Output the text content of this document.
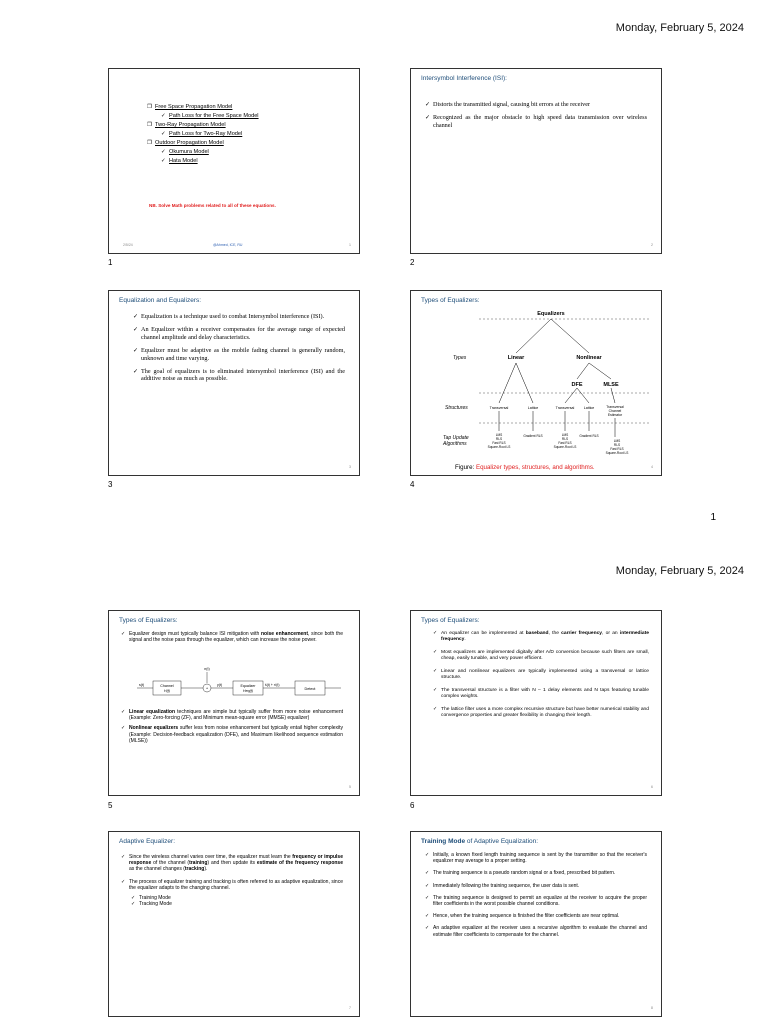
Monday, February 5, 2024
❐ Free Space Propagation Model
✓ Path Loss for the Free Space Model
❐ Two-Ray Propagation Model
✓ Path Loss for Two-Ray Model
❐ Outdoor Propagation Model
✓ Okumura Model
✓ Hata Model
NB. Solve Math problems related to all of these equations.
2/5/24	@Ahmed, ICE, RU	1
1
Intersymbol Interference (ISI):
✓ Distorts the transmitted signal, causing bit errors at the receiver
✓ Recognized as the major obstacle to high speed data transmission over wireless channel
2
2
Equalization and Equalizers:
✓ Equalization is a technique used to combat Intersymbol interference (ISI).
✓ An Equalizer within a receiver compensates for the average range of expected channel amplitude and delay characteristics.
✓ Equalizer must be adaptive as the mobile fading channel is generally random, unknown and time varying.
✓ The goal of equalizers is to eliminated intersymbol interference (ISI) and the additive noise as much as possible.
3
3
Types of Equalizers:
Equalizers
Types	Linear	Nonlinear
DFE	MLSE
Structures	Transversal	Lattice	Transversal	Lattice	Transversal
Channel
Estimator
Tap Update
Algorithms
LMS
RLS
Fast RLS
Square-Root LS
Gradient RLS	LMS
RLS
Fast RLS
Square-Root LS
Gradient RLS
LMS
RLS
Fast RLS
Square-Root LS
Figure: Equalizer types, structures, and algorithms.	4
4
1
Monday, February 5, 2024
Types of Equalizers:
✓ Equalizer design must typically balance ISI mitigation with noise enhancement, since both the signal and the noise pass through the equalizer, which can increase the noise power.
n(t)
s(t)	Channel
H(f)
+
y(t)	Equalizer
Heq(f)
ŝ(t) + n'(t)
Detect
✓ Linear equalization techniques are simple but typically suffer from more noise enhancement (Example: Zero-forcing (ZF), and Minimum mean-square error (MMSE) equalizer)
✓ Nonlinear equalizers suffer less from noise enhancement but typically entail higher complexity (Example: Decision-feedback equalization (DFE), and Maximum likelihood sequence estimation (MLSE))
5
5
Types of Equalizers:
✓ An equalizer can be implemented at baseband, the carrier frequency, or an intermediate frequency.
✓ Most equalizers are implemented digitally after A/D conversion because such filters are small, cheap, easily tunable, and very power efficient.
✓ Linear and nonlinear equalizers are typically implemented using a transversal or lattice structure.
✓ The transversal structure is a filter with N – 1 delay elements and N taps featuring tunable complex weights.
✓ The lattice filter uses a more complex recursive structure but have better numerical stability and convergence properties and greater flexibility in changing their length.
6
6
Adaptive Equalizer:
✓ Since the wireless channel varies over time, the equalizer must learn the frequency or impulse response of the channel (training) and then update its estimate of the frequency response as the channel changes (tracking).
✓ The process of equalizer training and tracking is often referred to as adaptive equalization, since the equalizer adapts to the changing channel.
✓ Training Mode
✓ Tracking Mode
7
Training Mode of Adaptive Equalization:
✓ Initially, a known fixed length training sequence is sent by the transmitter so that the receiver's equalizer may average to a proper setting.
✓ The training sequence is a pseudo random signal or a fixed, prescribed bit pattern.
✓ Immediately following the training sequence, the user data is sent.
✓ The training sequence is designed to permit an equalize at the receiver to acquire the proper filter coefficients in the worst possible channel conditions.
✓ Hence, when the training sequence is finished the filter coefficients are near optimal.
✓ An adaptive equalizer at the receiver uses a recursive algorithm to evaluate the channel and estimate filter coefficients to compensate for the channel.
8
